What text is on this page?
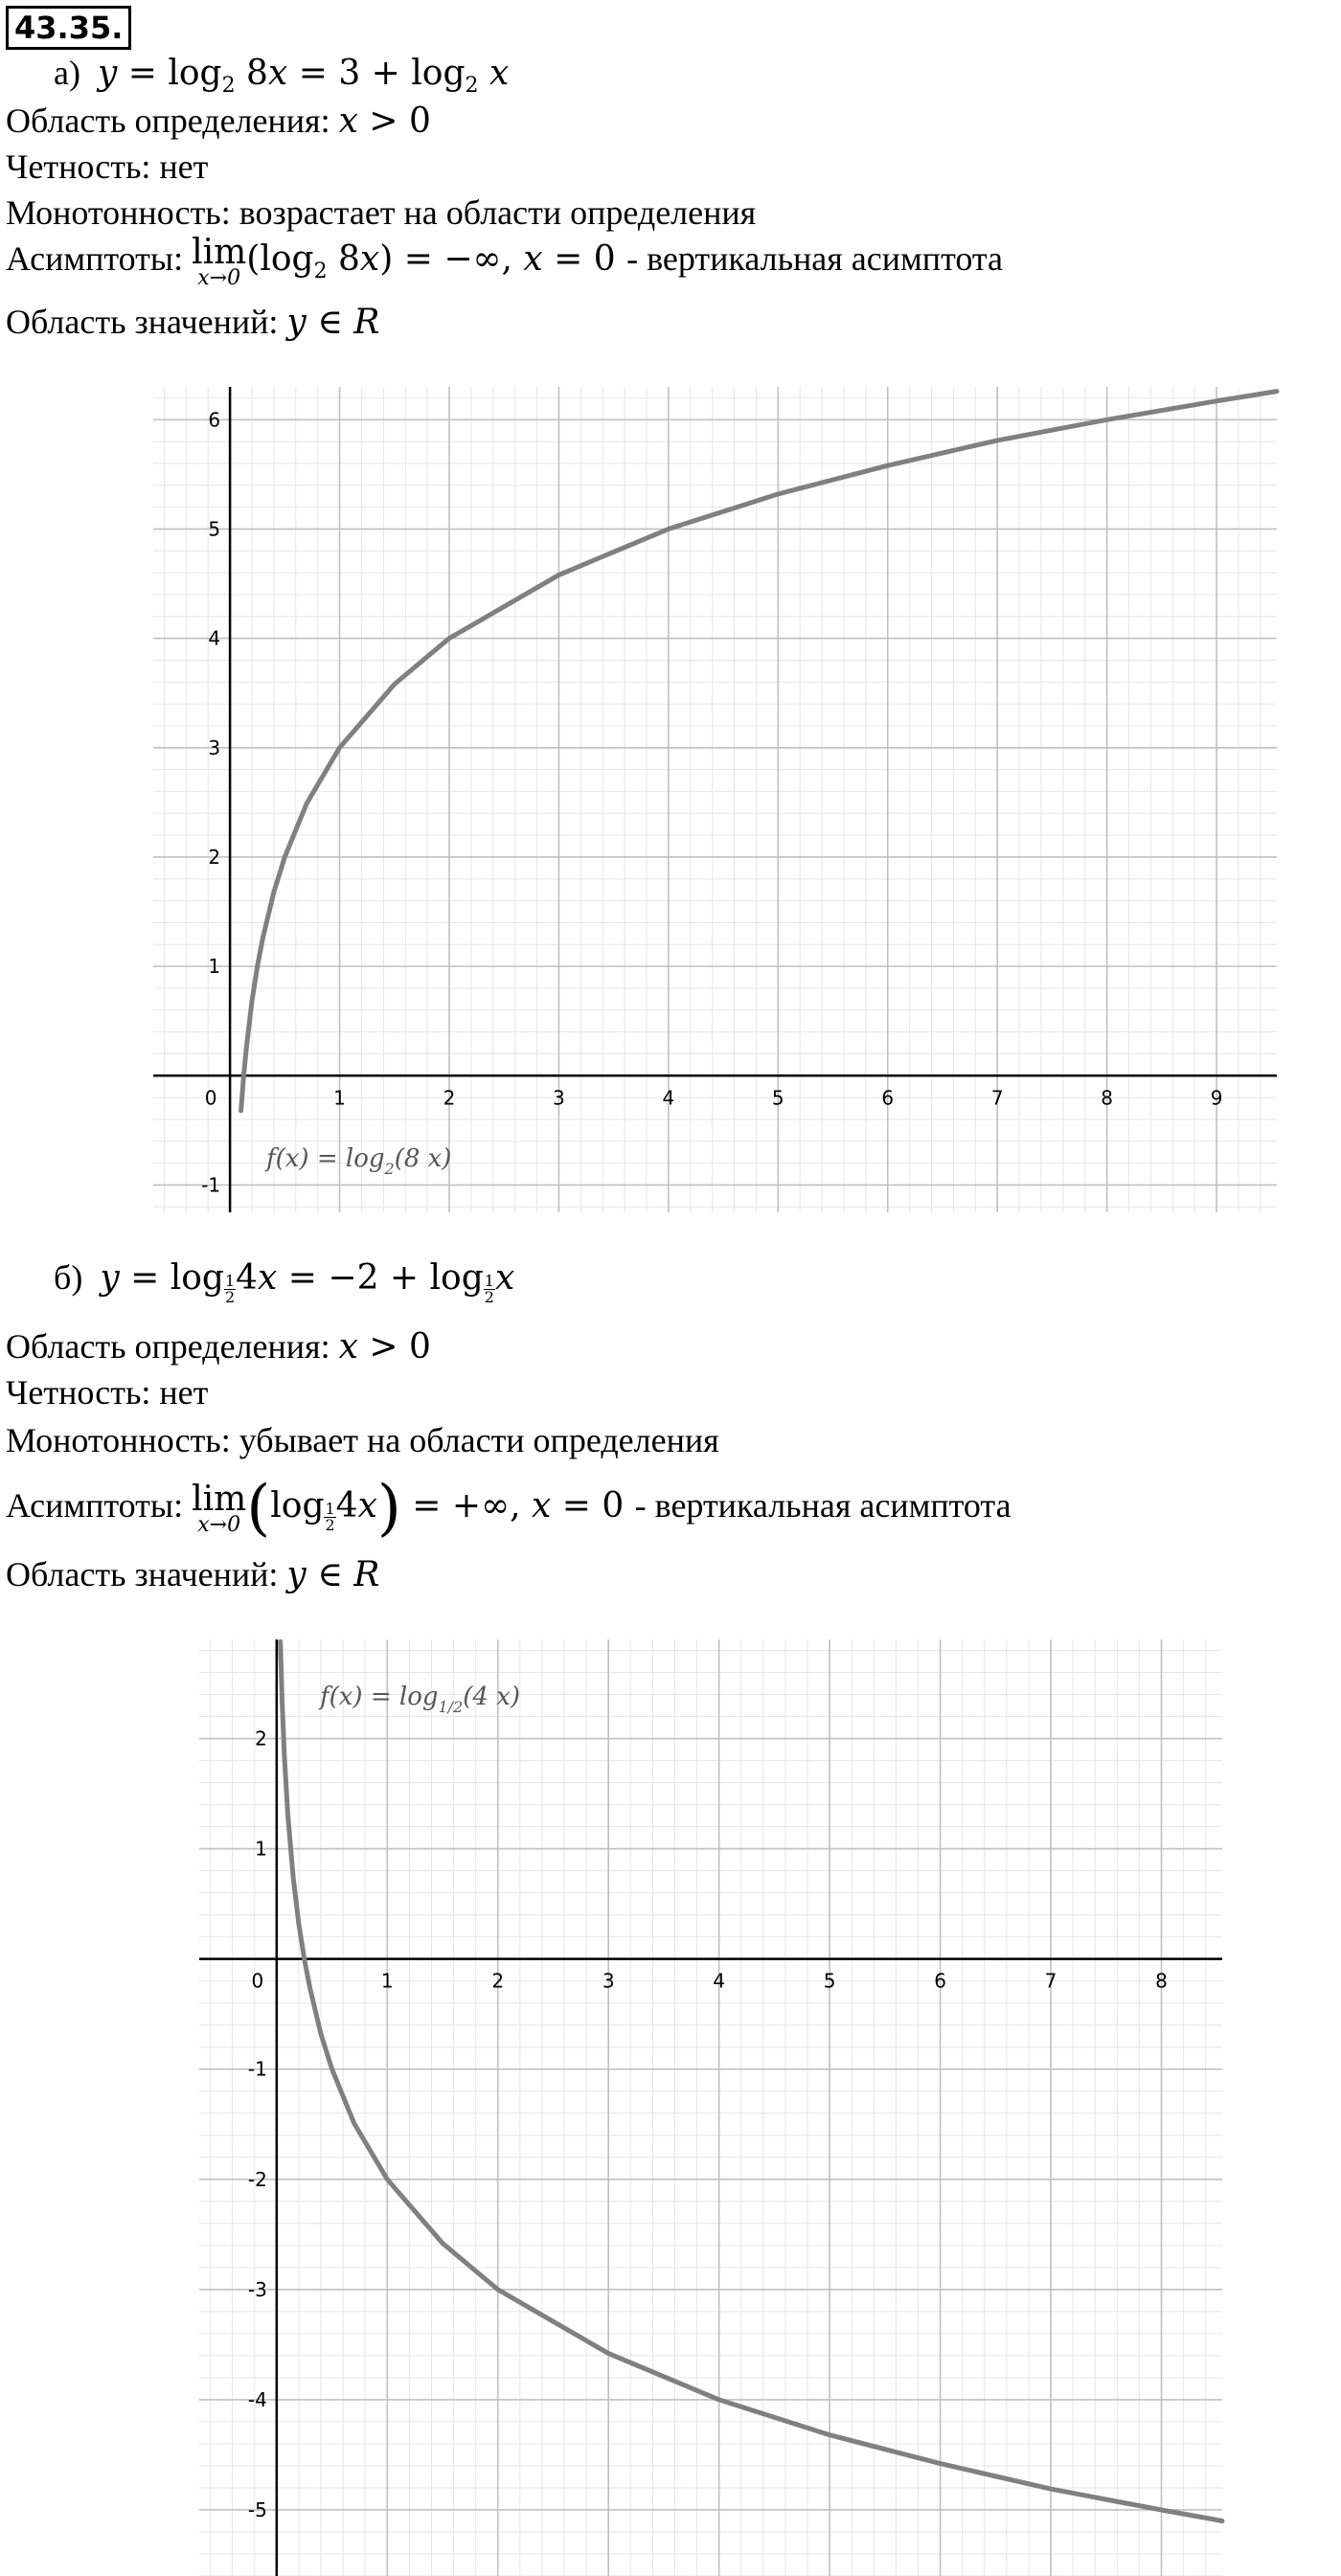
43.35.
а) $y = \log_2 8x = 3 + \log_2 x$
Область определения: x > 0
Четность: нет
Монотонность: возрастает на области определения
Асимптоты: lim
x→0 ($\log_2$ 8x) = −∞, x = 0 - вертикальная асимптота
Область значений: y ∈ R
0	1	2	3	4	5	6	7	8	9
-1
1
2
3
4
5
6
$f(x) = \log_2(8$ x)
0	1	2	3	4	5	6	7	8
-5
-4
-3
-2
-1
1
2
$f(x) = \log_{1/2}(4$ x)
б) $y = \log \frac{1}{2} 4x = -2 + \log \frac{1}{2}$ x
Область определения: x > 0
Четность: нет
Монотонность: убывает на области определения
Асимптоты: lim
x→0 $(\log \frac{1}{2} 4x)$ = +∞, x = 0 - вертикальная асимптота
Область значений: y ∈ R
